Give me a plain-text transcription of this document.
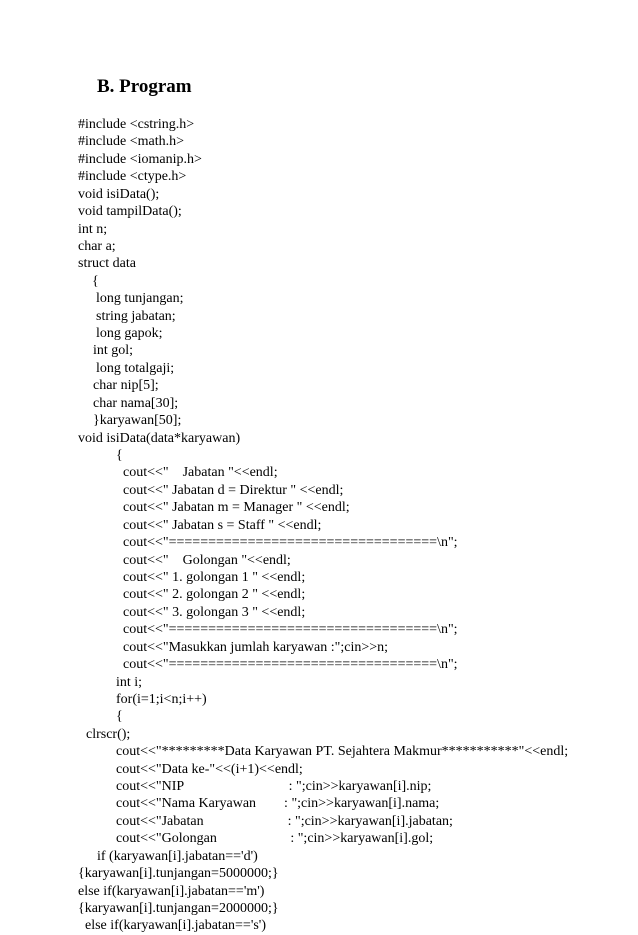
B. Program
#include <cstring.h>
#include <math.h>
#include <iomanip.h>
#include <ctype.h>
void isiData();
void tampilData();
int n;
char a;
struct data
{
long tunjangan;
string jabatan;
long gapok;
int gol;
long totalgaji;
char nip[5];
char nama[30];
}karyawan[50];
void isiData(data*karyawan)
{
cout<<"    Jabatan "<<endl;
cout<<" Jabatan d = Direktur " <<endl;
cout<<" Jabatan m = Manager " <<endl;
cout<<" Jabatan s = Staff " <<endl;
cout<<"==================================\n";
cout<<"    Golongan "<<endl;
cout<<" 1. golongan 1 " <<endl;
cout<<" 2. golongan 2 " <<endl;
cout<<" 3. golongan 3 " <<endl;
cout<<"==================================\n";
cout<<"Masukkan jumlah karyawan :";cin>>n;
cout<<"==================================\n";
int i;
for(i=1;i<n;i++)
{
clrscr();
cout<<"*********Data Karyawan PT. Sejahtera Makmur***********"<<endl;
cout<<"Data ke-"<<(i+1)<<endl;
cout<<"NIP                              : ";cin>>karyawan[i].nip;
cout<<"Nama Karyawan        : ";cin>>karyawan[i].nama;
cout<<"Jabatan                        : ";cin>>karyawan[i].jabatan;
cout<<"Golongan                     : ";cin>>karyawan[i].gol;
if (karyawan[i].jabatan=='d')
{karyawan[i].tunjangan=5000000;}
else if(karyawan[i].jabatan=='m')
{karyawan[i].tunjangan=2000000;}
else if(karyawan[i].jabatan=='s')
